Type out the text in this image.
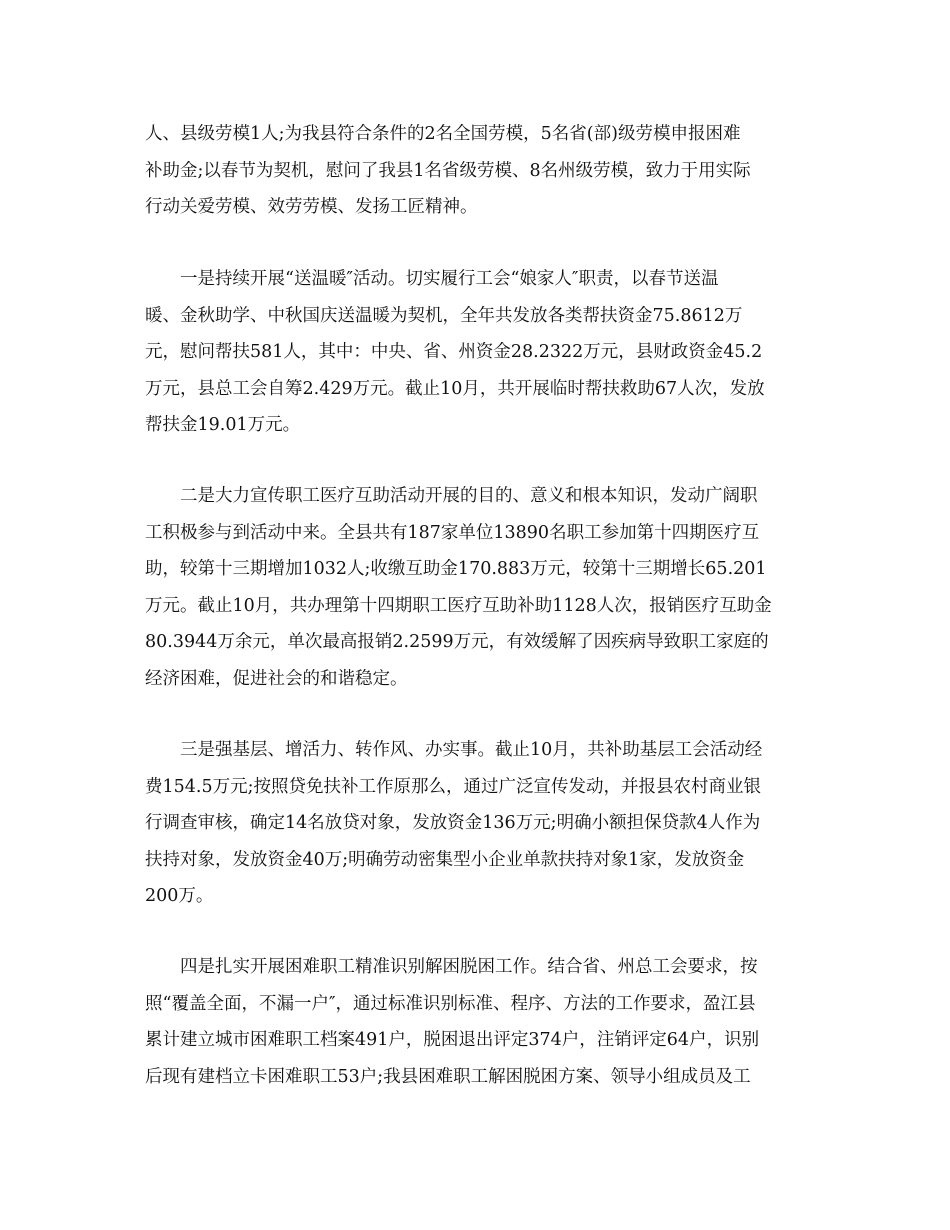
人、县级劳模1人;为我县符合条件的2名全国劳模，5名省(部)级劳模申报困难
补助金;以春节为契机，慰问了我县1名省级劳模、8名州级劳模，致力于用实际
行动关爱劳模、效劳劳模、发扬工匠精神。

一是持续开展“送温暖″活动。切实履行工会“娘家人″职责，以春节送温
暖、金秋助学、中秋国庆送温暖为契机，全年共发放各类帮扶资金75.8612万
元，慰问帮扶581人，其中：中央、省、州资金28.2322万元，县财政资金45.2
万元，县总工会自筹2.429万元。截止10月，共开展临时帮扶救助67人次，发放
帮扶金19.01万元。

二是大力宣传职工医疗互助活动开展的目的、意义和根本知识，发动广阔职
工积极参与到活动中来。全县共有187家单位13890名职工参加第十四期医疗互
助，较第十三期增加1032人;收缴互助金170.883万元，较第十三期增长65.201
万元。截止10月，共办理第十四期职工医疗互助补助1128人次，报销医疗互助金
80.3944万余元，单次最高报销2.2599万元，有效缓解了因疾病导致职工家庭的
经济困难，促进社会的和谐稳定。

三是强基层、增活力、转作风、办实事。截止10月，共补助基层工会活动经
费154.5万元;按照贷免扶补工作原那么，通过广泛宣传发动，并报县农村商业银
行调查审核，确定14名放贷对象，发放资金136万元;明确小额担保贷款4人作为
扶持对象，发放资金40万;明确劳动密集型小企业单款扶持对象1家，发放资金
200万。

四是扎实开展困难职工精准识别解困脱困工作。结合省、州总工会要求，按
照“覆盖全面，不漏一户″，通过标准识别标准、程序、方法的工作要求，盈江县
累计建立城市困难职工档案491户，脱困退出评定374户，注销评定64户，识别
后现有建档立卡困难职工53户;我县困难职工解困脱困方案、领导小组成员及工
